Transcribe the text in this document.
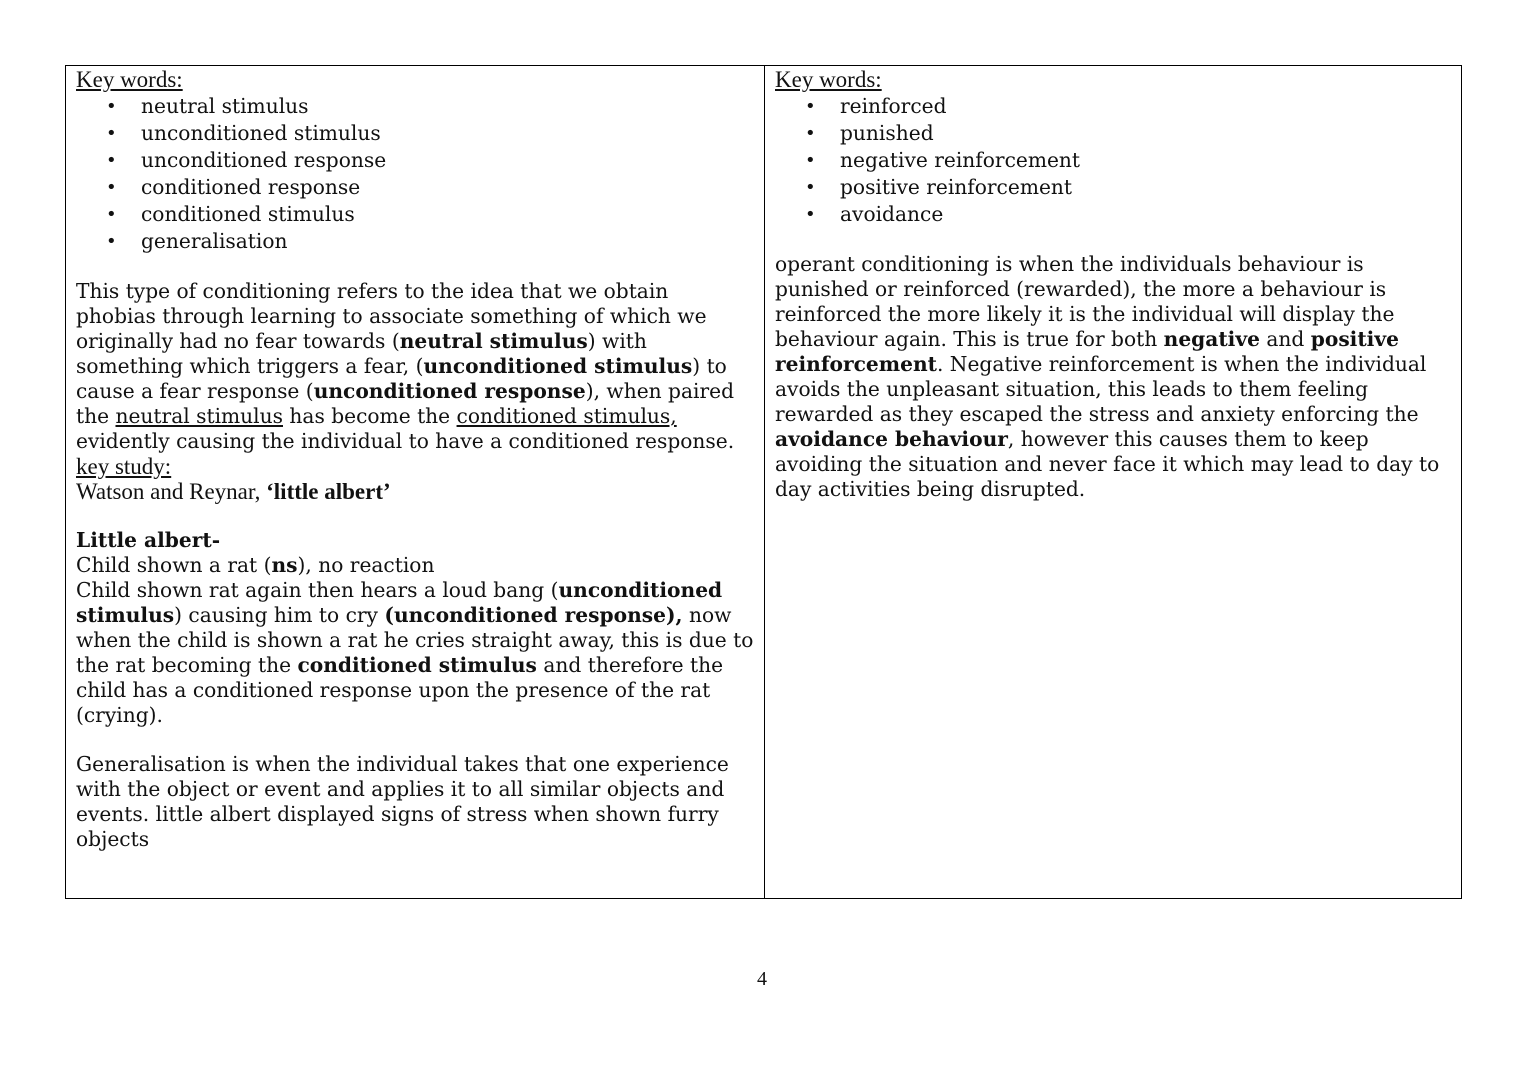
Key words:
• neutral stimulus
• unconditioned stimulus
• unconditioned response
• conditioned response
• conditioned stimulus
• generalisation

This type of conditioning refers to the idea that we obtain phobias through learning to associate something of which we originally had no fear towards (neutral stimulus) with something which triggers a fear, (unconditioned stimulus) to cause a fear response (unconditioned response), when paired the neutral stimulus has become the conditioned stimulus, evidently causing the individual to have a conditioned response.

key study:
Watson and Reynar, ‘little albert’

Little albert-

Child shown a rat (ns), no reaction

Child shown rat again then hears a loud bang (unconditioned stimulus) causing him to cry (unconditioned response), now when the child is shown a rat he cries straight away, this is due to the rat becoming the conditioned stimulus and therefore the child has a conditioned response upon the presence of the rat (crying).

Generalisation is when the individual takes that one experience with the object or event and applies it to all similar objects and events. little albert displayed signs of stress when shown furry objects

Key words:
• reinforced
• punished
• negative reinforcement
• positive reinforcement
• avoidance

operant conditioning is when the individuals behaviour is punished or reinforced (rewarded), the more a behaviour is reinforced the more likely it is the individual will display the behaviour again. This is true for both negative and positive reinforcement. Negative reinforcement is when the individual avoids the unpleasant situation, this leads to them feeling rewarded as they escaped the stress and anxiety enforcing the avoidance behaviour, however this causes them to keep avoiding the situation and never face it which may lead to day to day activities being disrupted.

4
